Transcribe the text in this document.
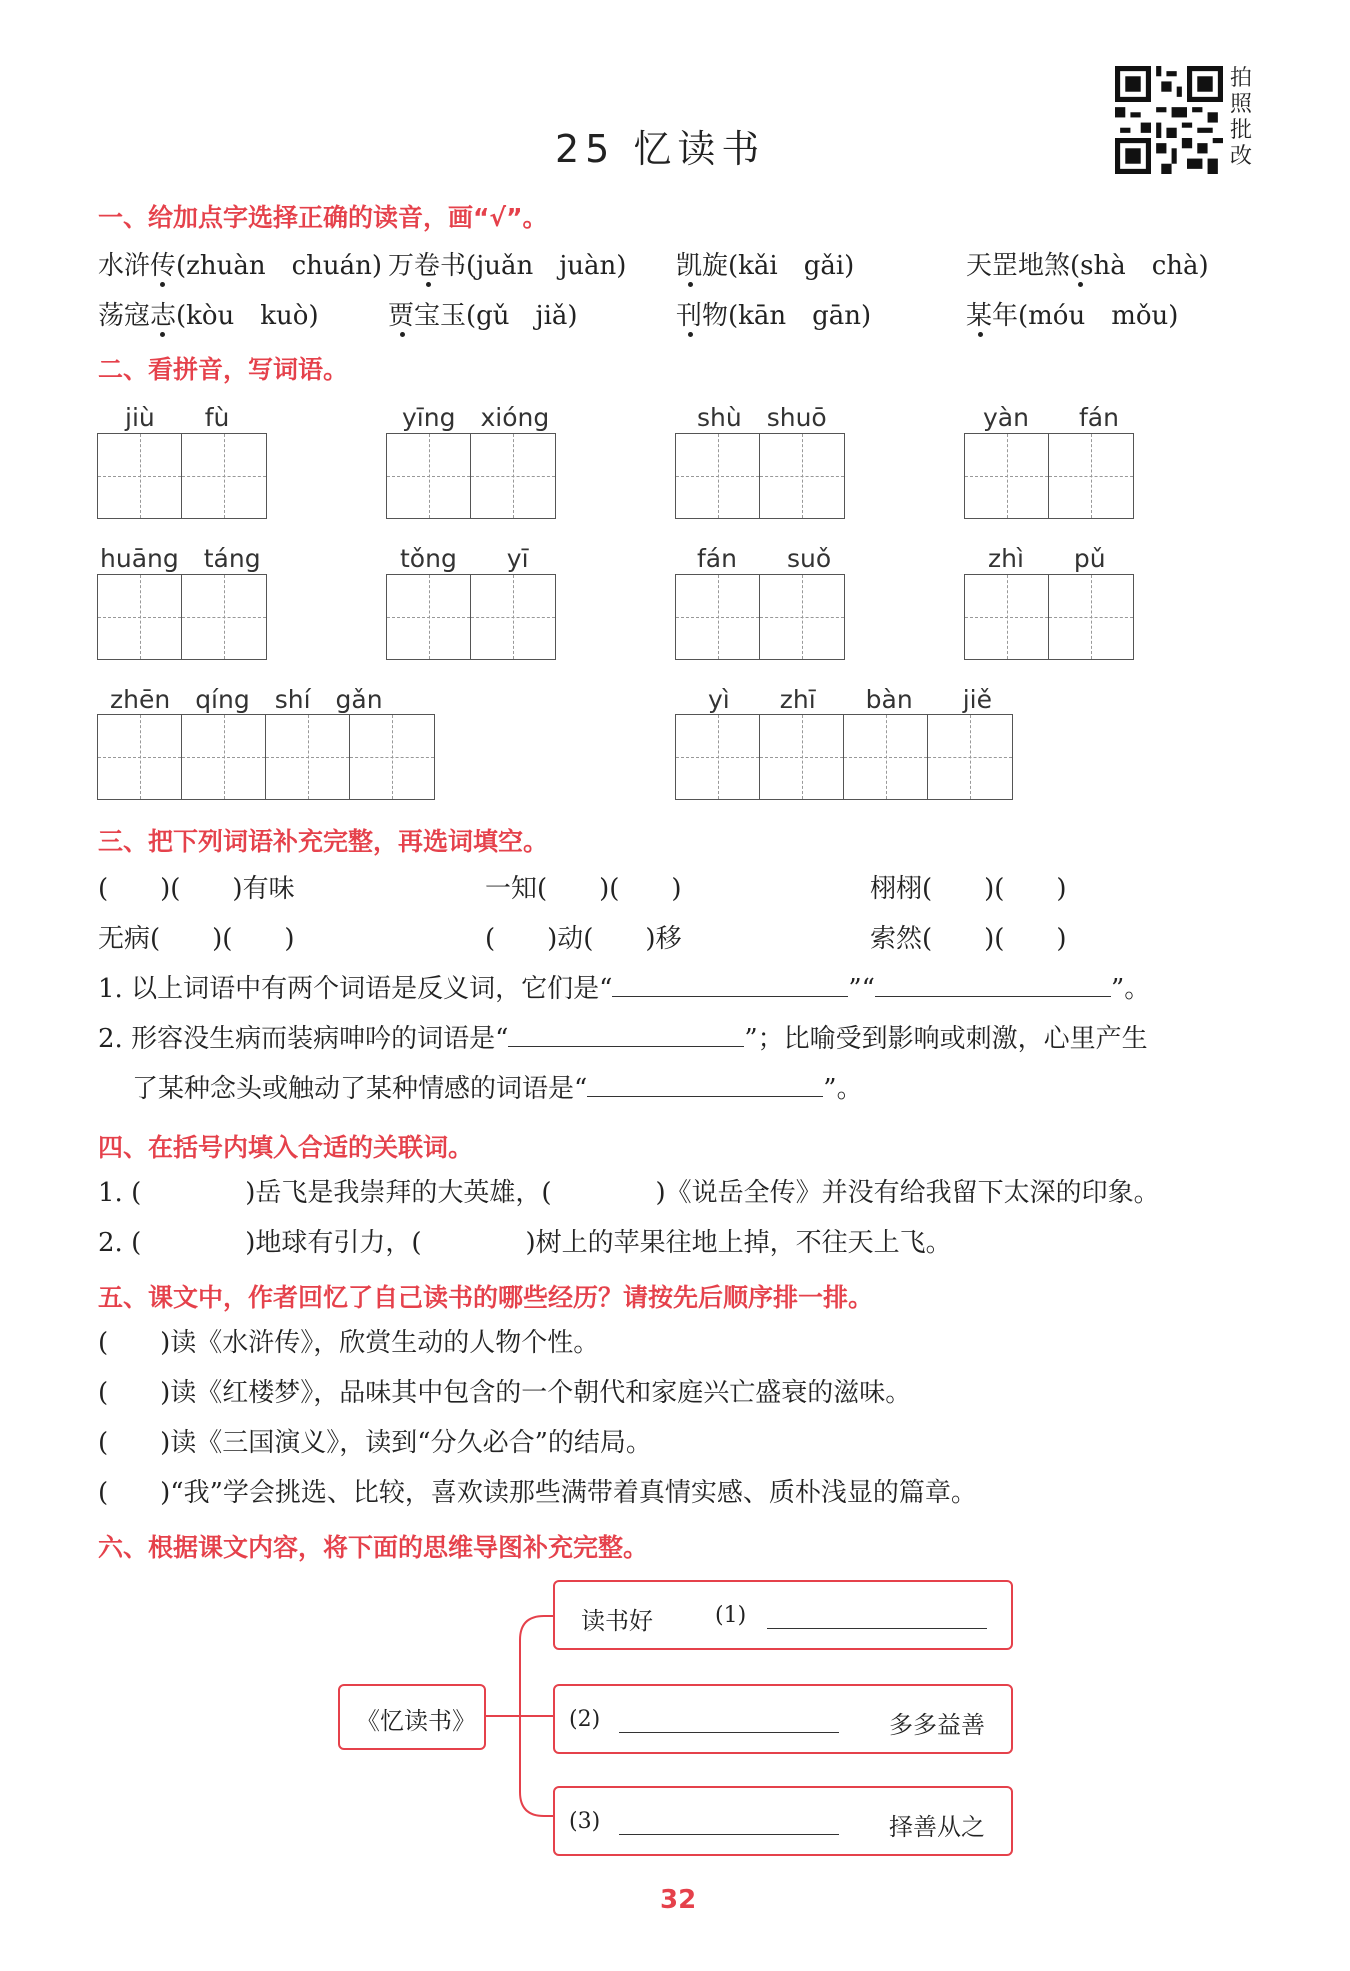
25 忆读书
拍照批改
一、给加点字选择正确的读音，画“√”。
水浒传(zhuàn　chuán) 万卷书(juǎn　juàn) 凯旋(kǎi　gǎi)	天罡地煞(shà　chà)
荡寇志(kòu　kuò)	贾宝玉(gǔ　jiǎ)	刊物(kān　gān)	某年(móu　mǒu)
二、看拼音，写词语。
jiù　　fù	yīng　xióng	shù　shuō	yàn　　fán
huāng　táng	tǒng　　yī	fán　　suǒ	zhì　　pǔ
zhēn　qíng　shí　gǎn	yì　　zhī　　bàn　　jiě
三、把下列词语补充完整，再选词填空。
(　　)(　　)有味	一知(　　)(　　)	栩栩(　　)(　　)
无病(　　)(　　)	(　　)动(　　)移	索然(　　)(　　)
1. 以上词语中有两个词语是反义词，它们是“	”“	”。
2. 形容没生病而装病呻吟的词语是“	”；比喻受到影响或刺激，心里产生
了某种念头或触动了某种情感的词语是“	”。
四、在括号内填入合适的关联词。
1. (　　　　)岳飞是我崇拜的大英雄，(　　　　)《说岳全传》并没有给我留下太深的印象。
2. (　　　　)地球有引力，(　　　　)树上的苹果往地上掉，不往天上飞。
五、课文中，作者回忆了自己读书的哪些经历？请按先后顺序排一排。
(　　)读《水浒传》，欣赏生动的人物个性。
(　　)读《红楼梦》，品味其中包含的一个朝代和家庭兴亡盛衰的滋味。
(　　)读《三国演义》，读到“分久必合”的结局。
(　　)“我”学会挑选、比较，喜欢读那些满带着真情实感、质朴浅显的篇章。
六、根据课文内容，将下面的思维导图补充完整。
《忆读书》
读书好	(1)
(2)	多多益善
(3)	择善从之
32
